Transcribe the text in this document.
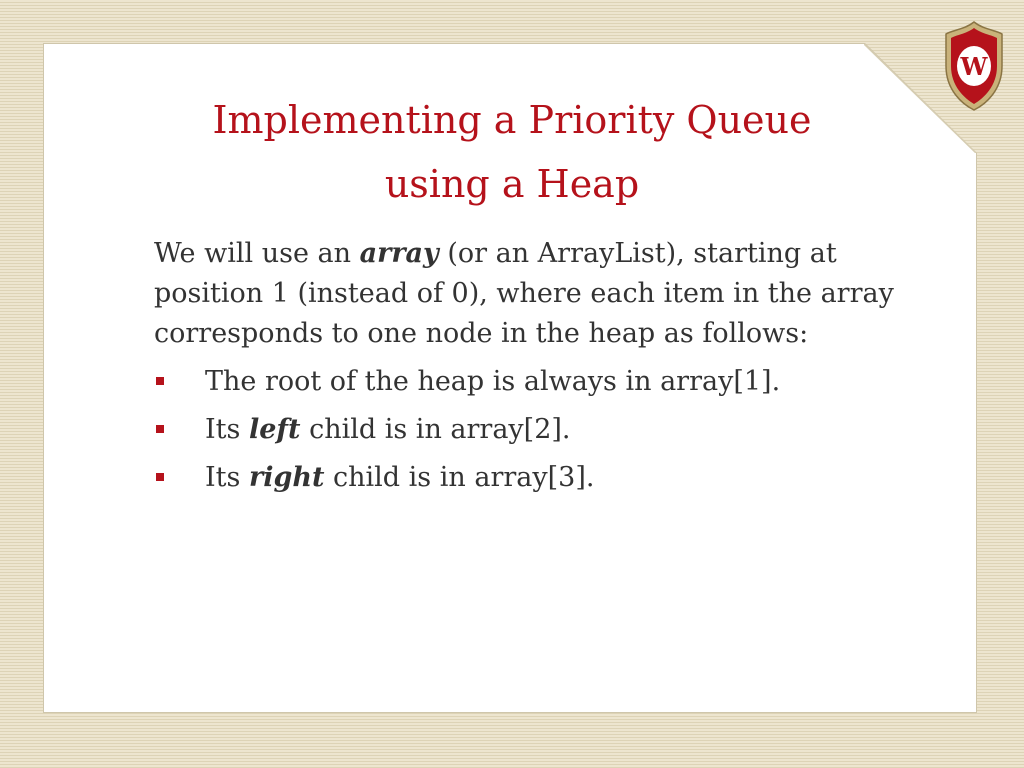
W
Implementing a Priority Queue
using a Heap

We will use an array (or an ArrayList), starting at position 1 (instead of 0), where each item in the array corresponds to one node in the heap as follows:

The root of the heap is always in array[1].
Its left child is in array[2].
Its right child is in array[3].
